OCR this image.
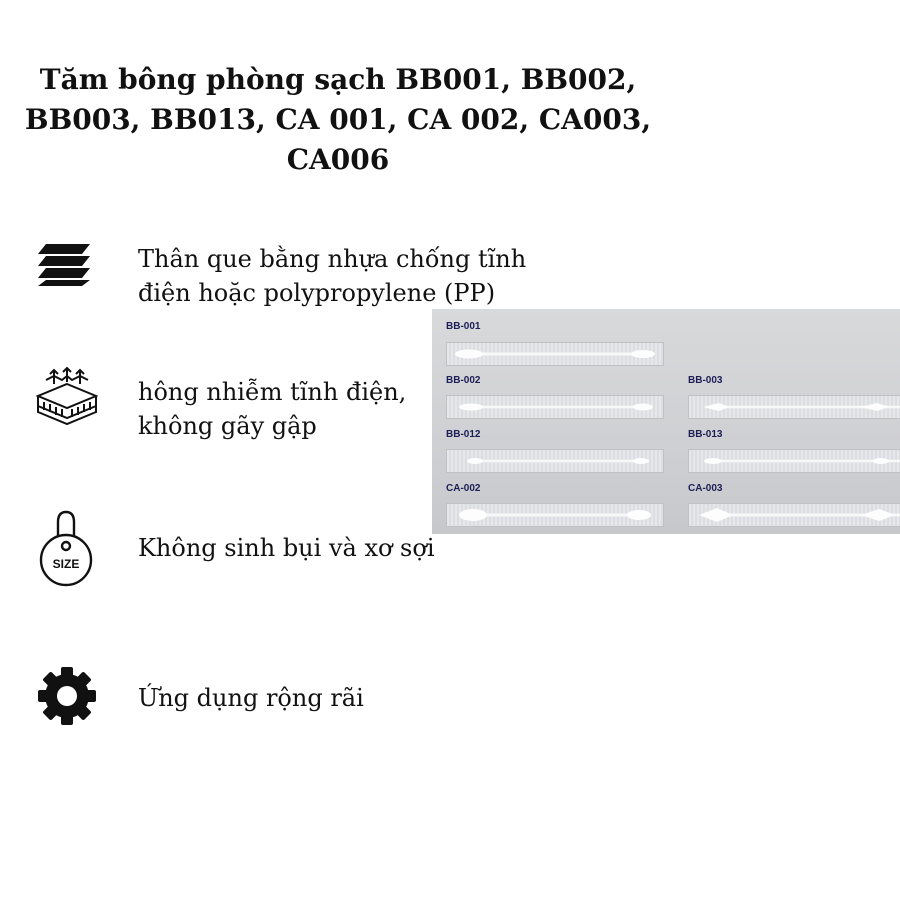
Tăm bông phòng sạch BB001, BB002, BB003, BB013, CA 001, CA 002, CA003, CA006
Thân que bằng nhựa chống tĩnh điện hoặc polypropylene (PP)
hông nhiễm tĩnh điện, không gãy gập
SIZE
Không sinh bụi và xơ sợi
Ứng dụng rộng rãi
BB-001
BB-002
BB-012
CA-002
BB-003
BB-013
CA-003
